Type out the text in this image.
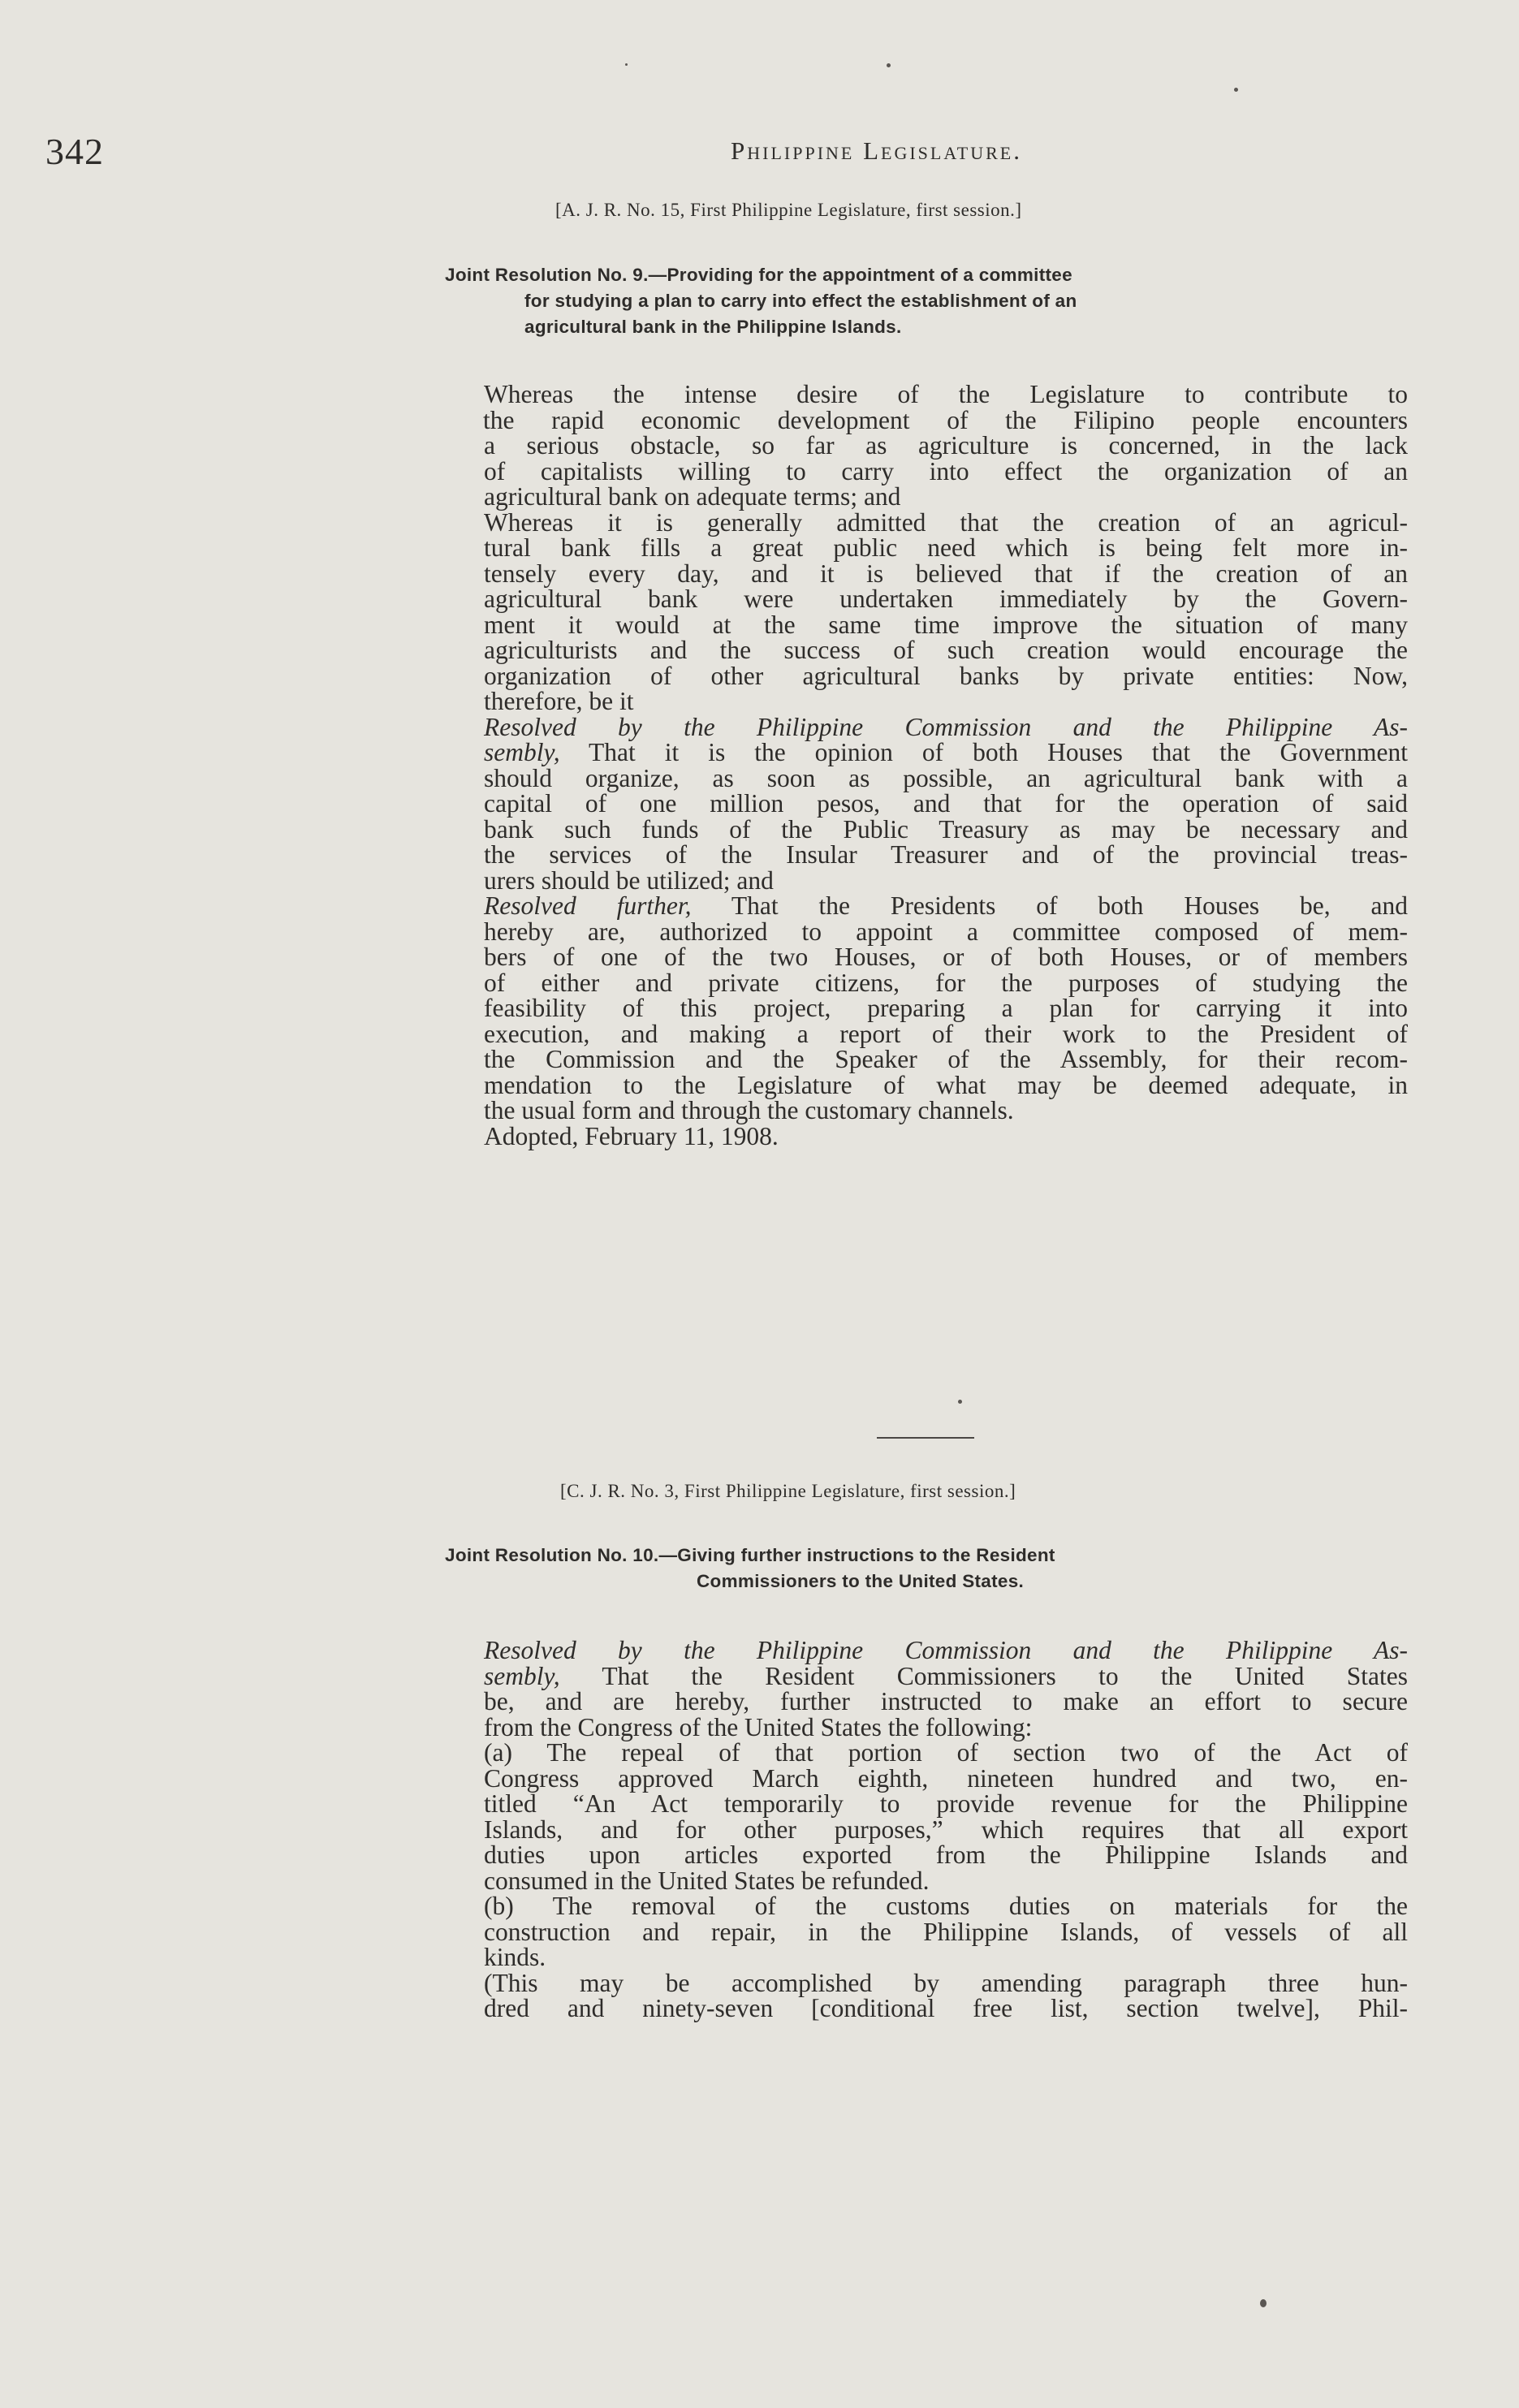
342	Philippine Legislature.
[A. J. R. No. 15, First Philippine Legislature, first session.]
Joint Resolution No. 9.—Providing for the appointment of a committee
for studying a plan to carry into effect the establishment of an
agricultural bank in the Philippine Islands.
Whereas the intense desire of the Legislature to contribute to
the rapid economic development of the Filipino people encounters
a serious obstacle, so far as agriculture is concerned, in the lack
of capitalists willing to carry into effect the organization of an
agricultural bank on adequate terms; and
Whereas it is generally admitted that the creation of an agricul-
tural bank fills a great public need which is being felt more in-
tensely every day, and it is believed that if the creation of an
agricultural bank were undertaken immediately by the Govern-
ment it would at the same time improve the situation of many
agriculturists and the success of such creation would encourage the
organization of other agricultural banks by private entities: Now,
therefore, be it
Resolved by the Philippine Commission and the Philippine As-
sembly, That it is the opinion of both Houses that the Government
should organize, as soon as possible, an agricultural bank with a
capital of one million pesos, and that for the operation of said
bank such funds of the Public Treasury as may be necessary and
the services of the Insular Treasurer and of the provincial treas-
urers should be utilized; and
Resolved further, That the Presidents of both Houses be, and
hereby are, authorized to appoint a committee composed of mem-
bers of one of the two Houses, or of both Houses, or of members
of either and private citizens, for the purposes of studying the
feasibility of this project, preparing a plan for carrying it into
execution, and making a report of their work to the President of
the Commission and the Speaker of the Assembly, for their recom-
mendation to the Legislature of what may be deemed adequate, in
the usual form and through the customary channels.
Adopted, February 11, 1908.
[C. J. R. No. 3, First Philippine Legislature, first session.]
Joint Resolution No. 10.—Giving further instructions to the Resident
Commissioners to the United States.
Resolved by the Philippine Commission and the Philippine As-
sembly, That the Resident Commissioners to the United States
be, and are hereby, further instructed to make an effort to secure
from the Congress of the United States the following:
(a) The repeal of that portion of section two of the Act of
Congress approved March eighth, nineteen hundred and two, en-
titled “An Act temporarily to provide revenue for the Philippine
Islands, and for other purposes,” which requires that all export
duties upon articles exported from the Philippine Islands and
consumed in the United States be refunded.
(b) The removal of the customs duties on materials for the
construction and repair, in the Philippine Islands, of vessels of all
kinds.
(This may be accomplished by amending paragraph three hun-
dred and ninety-seven [conditional free list, section twelve], Phil-
